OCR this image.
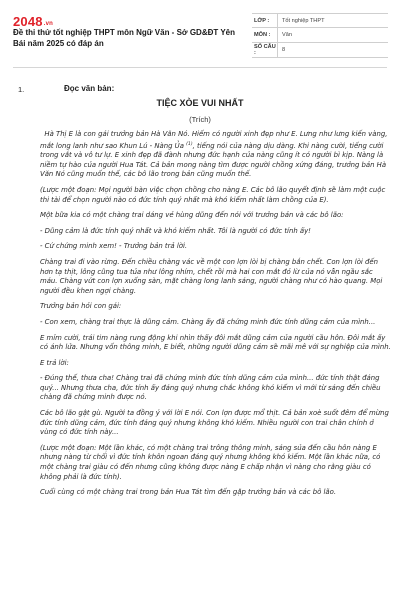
2048.vn
Đề thi thử tốt nghiệp THPT môn Ngữ Văn - Sở GD&ĐT Yên Bái năm 2025 có đáp án
LỚP :	Tốt nghiệp THPT
MÔN :	Văn
SỐ CÂU :	8
1.	Đọc văn bản:
TIỆC XÒE VUI NHẤT
(Trích)

Hà Thị E là con gái trưởng bản Hà Văn Nó. Hiếm có người xinh đẹp như E. Lưng như lưng kiến vàng, mắt long lanh như sao Khun Lú - Nàng Ủa $^{(1)}$, tiếng nói của nàng dịu dàng. Khi nàng cười, tiếng cười trong vắt và vô tư lự. E xinh đẹp đã đành nhưng đức hạnh của nàng cũng ít có người bì kịp. Nàng là niềm tự hào của người Hua Tát. Cả bản mong nàng tìm được người chồng xứng đáng, trưởng bản Hà Văn Nó cũng muốn thế, các bô lão trong bản cũng muốn thế.

(Lược một đoạn: Mọi người bàn việc chọn chồng cho nàng E. Các bô lão quyết định sẽ làm một cuộc thi tài để chọn người nào có đức tính quý nhất mà khó kiếm nhất làm chồng của E).

Một bữa kia có một chàng trai dáng vẻ hùng dũng đến nói với trưởng bản và các bô lão:

- Dũng cảm là đức tính quý nhất và khó kiếm nhất. Tôi là người có đức tính ấy!

- Cứ chứng minh xem! - Trưởng bản trả lời.

Chàng trai đi vào rừng. Đến chiều chàng vác về một con lợn lòi bị chàng bắn chết. Con lợn lòi đến hơn tạ thịt, lông cũng tua tủa như lông nhím, chết rồi mà hai con mắt đỏ lừ của nó vẫn ngầu sắc máu. Chàng vứt con lợn xuống sàn, mặt chàng long lanh sáng, người chàng như có hào quang. Mọi người đều khen ngợi chàng.

Trưởng bản hỏi con gái:

- Con xem, chàng trai thực là dũng cảm. Chàng ấy đã chứng minh đức tính dũng cảm của mình...

E mỉm cười, trái tim nàng rung động khi nhìn thấy đôi mắt dũng cảm của người cầu hôn. Đôi mắt ấy có ánh lửa. Nhưng vốn thông minh, E biết, những người dũng cảm sẽ mãi mê với sự nghiệp của mình.

E trả lời:

- Đúng thế, thưa cha! Chàng trai đã chứng minh đức tính dũng cảm của mình... đức tính thật đáng quý... Nhưng thưa cha, đức tính ấy đáng quý nhưng chắc không khó kiếm vì mới từ sáng đến chiều chàng đã chứng minh được nó.

Các bô lão gật gù. Người ta đồng ý với lời E nói. Con lợn được mổ thịt. Cả bản xoè suốt đêm để mừng đức tính dũng cảm, đức tính đáng quý nhưng không khó kiếm. Nhiều người con trai chân chính ở vùng có đức tính này...

(Lược một đoạn: Một lần khác, có một chàng trai trông thông minh, sáng sủa đến cầu hôn nàng E nhưng nàng từ chối vì đức tính khôn ngoan đáng quý nhưng không khó kiếm. Một lần khác nữa, có một chàng trai giàu có đến nhưng cũng không được nàng E chấp nhận vì nàng cho rằng giàu có không phải là đức tính).

Cuối cùng có một chàng trai trong bản Hua Tát tìm đến gặp trưởng bản và các bô lão.
